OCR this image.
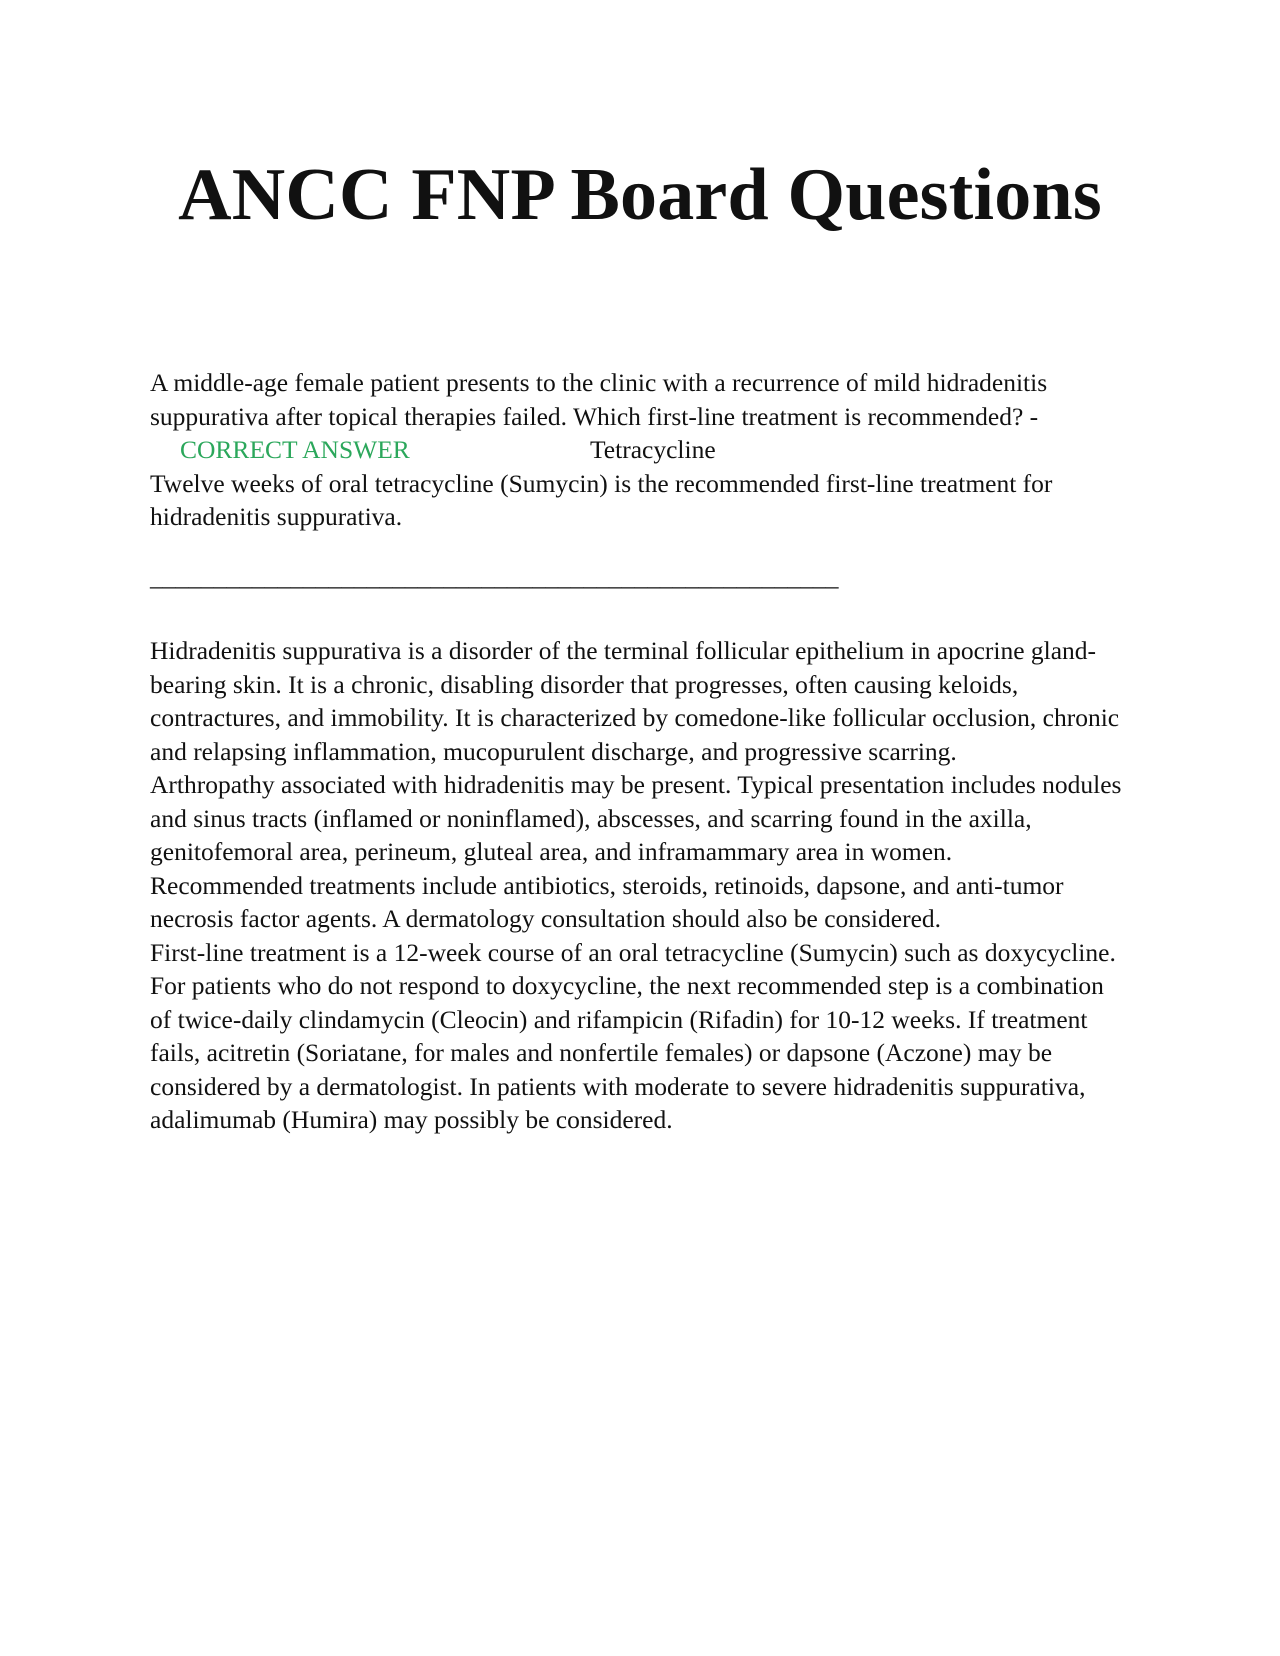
ANCC FNP Board Questions
A middle-age female patient presents to the clinic with a recurrence of mild hidradenitis suppurativa after topical therapies failed. Which first-line treatment is recommended? -CORRECT ANSWER	Tetracycline
Twelve weeks of oral tetracycline (Sumycin) is the recommended first-line treatment for hidradenitis suppurativa.
______________________________________________________

Hidradenitis suppurativa is a disorder of the terminal follicular epithelium in apocrine gland-bearing skin. It is a chronic, disabling disorder that progresses, often causing keloids, contractures, and immobility. It is characterized by comedone-like follicular occlusion, chronic and relapsing inflammation, mucopurulent discharge, and progressive scarring.

Arthropathy associated with hidradenitis may be present. Typical presentation includes nodules and sinus tracts (inflamed or noninflamed), abscesses, and scarring found in the axilla, genitofemoral area, perineum, gluteal area, and inframammary area in women.

Recommended treatments include antibiotics, steroids, retinoids, dapsone, and anti-tumor necrosis factor agents. A dermatology consultation should also be considered.

First-line treatment is a 12-week course of an oral tetracycline (Sumycin) such as doxycycline. For patients who do not respond to doxycycline, the next recommended step is a combination of twice-daily clindamycin (Cleocin) and rifampicin (Rifadin) for 10-12 weeks. If treatment fails, acitretin (Soriatane, for males and nonfertile females) or dapsone (Aczone) may be considered by a dermatologist. In patients with moderate to severe hidradenitis suppurativa, adalimumab (Humira) may possibly be considered.
